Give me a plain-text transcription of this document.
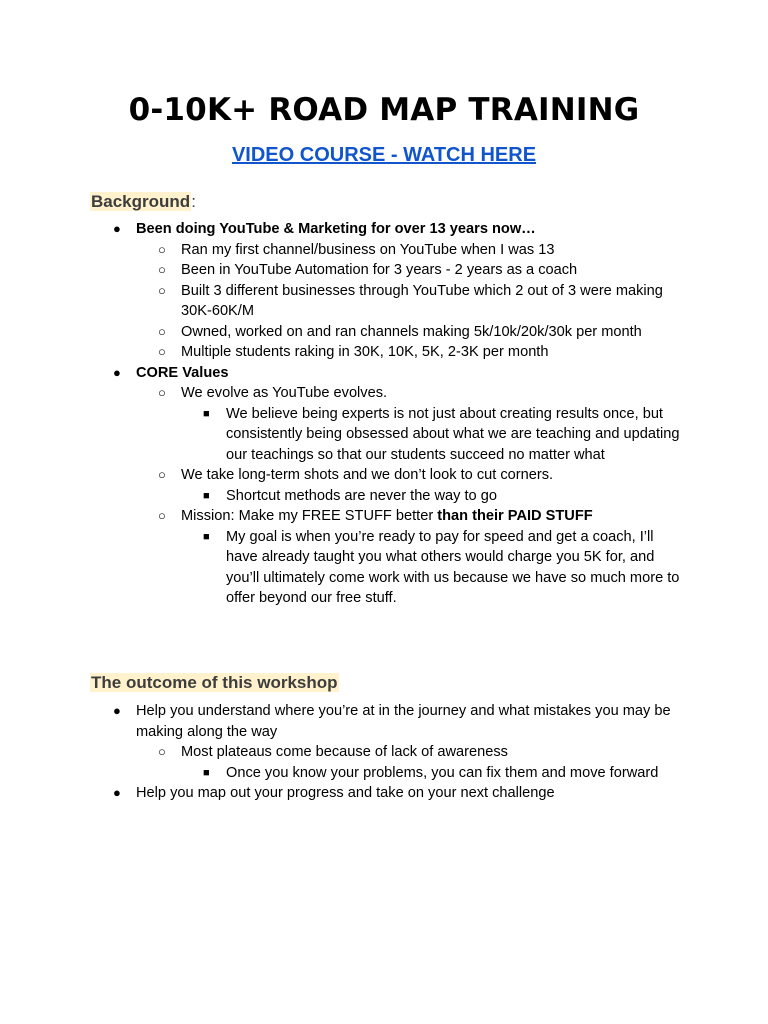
0-10K+ ROAD MAP TRAINING
VIDEO COURSE - WATCH HERE
Background:
● Been doing YouTube & Marketing for over 13 years now…
○ Ran my first channel/business on YouTube when I was 13
○ Been in YouTube Automation for 3 years - 2 years as a coach
○ Built 3 different businesses through YouTube which 2 out of 3 were making 30K-60K/M
○ Owned, worked on and ran channels making 5k/10k/20k/30k per month
○ Multiple students raking in 30K, 10K, 5K, 2-3K per month
● CORE Values
○ We evolve as YouTube evolves.
■ We believe being experts is not just about creating results once, but consistently being obsessed about what we are teaching and updating our teachings so that our students succeed no matter what
○ We take long-term shots and we don’t look to cut corners.
■ Shortcut methods are never the way to go
○ Mission: Make my FREE STUFF better than their PAID STUFF
■ My goal is when you’re ready to pay for speed and get a coach, I’ll have already taught you what others would charge you 5K for, and you’ll ultimately come work with us because we have so much more to offer beyond our free stuff.
The outcome of this workshop
● Help you understand where you’re at in the journey and what mistakes you may be making along the way
○ Most plateaus come because of lack of awareness
■ Once you know your problems, you can fix them and move forward
● Help you map out your progress and take on your next challenge
